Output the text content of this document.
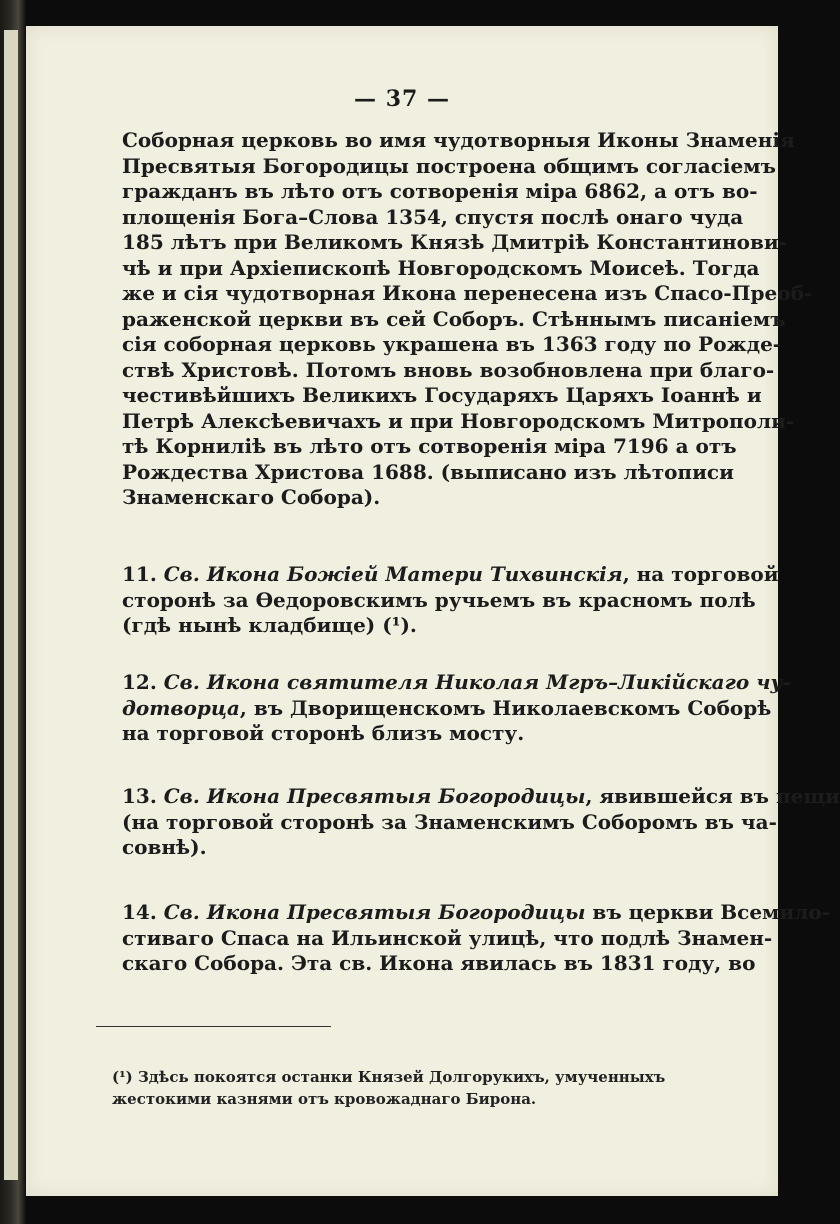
— 37 —
Соборная церковь во имя чудотворныя Иконы Знаменія
Пресвятыя Богородицы построена общимъ согласіемъ
гражданъ въ лѣто отъ сотворенія міра 6862, а отъ во-
площенія Бога–Слова 1354, спустя послѣ онаго чуда
185 лѣтъ при Великомъ Князѣ Дмитріѣ Константинови-
чѣ и при Архіепископѣ Новгородскомъ Моисеѣ. Тогда
же и сія чудотворная Икона перенесена изъ Спасо-Преоб-
раженской церкви въ сей Соборъ. Стѣннымъ писаніемъ
сія соборная церковь украшена въ 1363 году по Рожде-
ствѣ Христовѣ. Потомъ вновь возобновлена при благо-
честивѣйшихъ Великихъ Государяхъ Царяхъ Іоаннѣ и
Петрѣ Алексѣевичахъ и при Новгородскомъ Митрополи-
тѣ Корнилiѣ въ лѣто отъ сотворенія міра 7196 а отъ
Рождества Христова 1688. (выписано изъ лѣтописи
Знаменскаго Собора).
11. Св. Икона Божіей Матери Тихвинскія, на торговой
сторонѣ за Ѳедоровскимъ ручьемъ въ красномъ полѣ
(гдѣ нынѣ кладбище) (¹).
12. Св. Икона святителя Николая Мгръ–Ликійскаго чу-
дотворца, въ Дворищенскомъ Николаевскомъ Соборѣ
на торговой сторонѣ близъ мосту.
13. Св. Икона Пресвятыя Богородицы, явившейся въ пещи
(на торговой сторонѣ за Знаменскимъ Соборомъ въ ча-
совнѣ).
14. Св. Икона Пресвятыя Богородицы въ церкви Всемило-
стиваго Спаса на Ильинской улицѣ, что подлѣ Знамен-
скаго Собора. Эта св. Икона явилась въ 1831 году, во
(¹) Здѣсь покоятся останки Князей Долгорукихъ, умученныхъ
жестокими казнями отъ кровожаднаго Бирона.
